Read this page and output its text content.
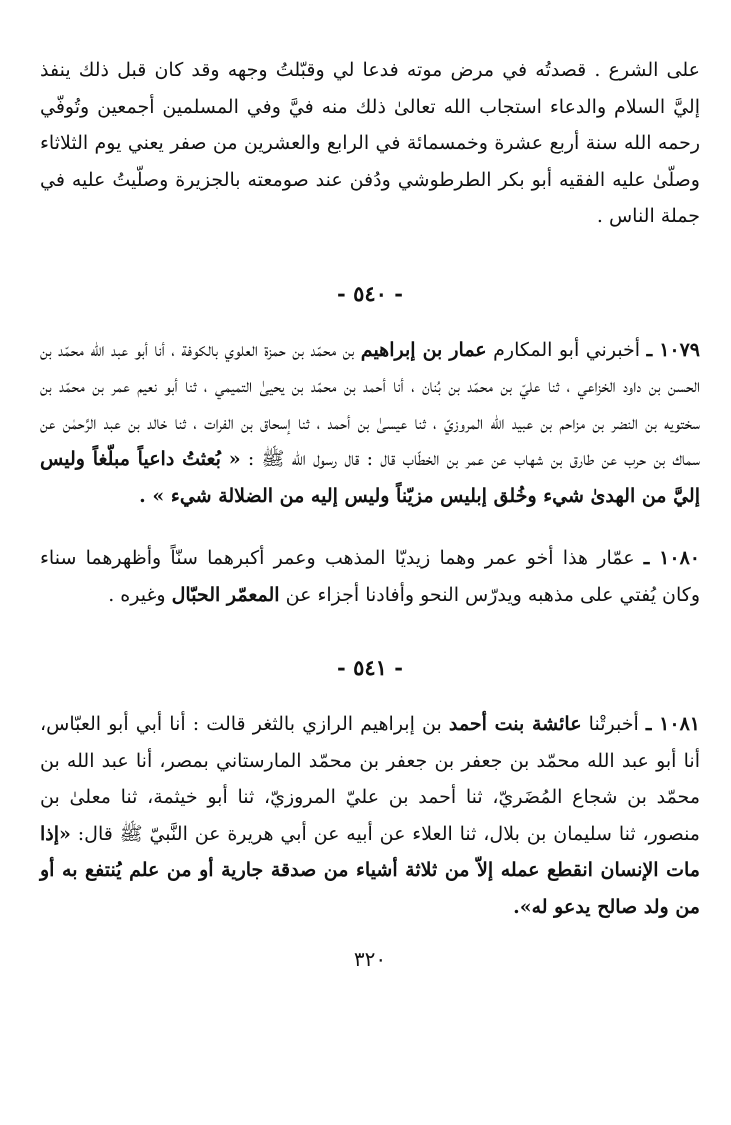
على الشرع . قصدتُه في مرض موته فدعا لي وقبّلتُ وجهه وقد كان قبل ذلك ينفذ إليَّ السلام والدعاء استجاب الله تعالىٰ ذلك منه فيَّ وفي المسلمين أجمعين وتُوفّي رحمه الله سنة أربع عشرة وخمسمائة في الرابع والعشرين من صفر يعني يوم الثلاثاء وصلّىٰ عليه الفقيه أبو بكر الطرطوشي ودُفن عند صومعته بالجزيرة وصلّيتُ عليه في جملة الناس .

- ٥٤٠ -

١٠٧٩ ـ أخبرني أبو المكارم عمار بن إبراهيم بن محمّد بن حمزة العلوي بالكوفة ، أنا أبو عبد الله محمّد بن الحسن بن داود الخزاعي ، ثنا عليّ بن محمّد بن بُنان ، أنا أحمد بن محمّد بن يحيىٰ التميمي ، ثنا أبو نعيم عمر بن محمّد بن سختويه بن النضر بن مزاحم بن عبيد الله المروزيّ ، ثنا عيسىٰ بن أحمد ، ثنا إسحاق بن الفرات ، ثنا خالد بن عبد الرَّحمٰن عن سماك بن حرب عن طارق بن شهاب عن عمر بن الخطّاب قال : قال رسول الله ﷺ : « بُعثتُ داعياً مبلّغاً وليس إليَّ من الهدىٰ شيء وخُلق إبليس مزيّناً وليس إليه من الضلالة شيء » .

١٠٨٠ ـ عمّار هذا أخو عمر وهما زيديّا المذهب وعمر أكبرهما سنّاً وأظهرهما سناء وكان يُفتي على مذهبه ويدرّس النحو وأفادنا أجزاء عن المعمّر الحبّال وغيره .

- ٥٤١ -

١٠٨١ ـ أخبرتْنا عائشة بنت أحمد بن إبراهيم الرازي بالثغر قالت : أنا أبي أبو العبّاس، أنا أبو عبد الله محمّد بن جعفر بن جعفر بن محمّد المارستاني بمصر، أنا عبد الله بن محمّد بن شجاع المُضَريّ، ثنا أحمد بن عليّ المروزيّ، ثنا أبو خيثمة، ثنا معلىٰ بن منصور، ثنا سليمان بن بلال، ثنا العلاء عن أبيه عن أبي هريرة عن النَّبيّ ﷺ قال: «إذا مات الإنسان انقطع عمله إلاّ من ثلاثة أشياء من صدقة جارية أو من علم يُنتفع به أو من ولد صالح يدعو له».

٣٢٠
